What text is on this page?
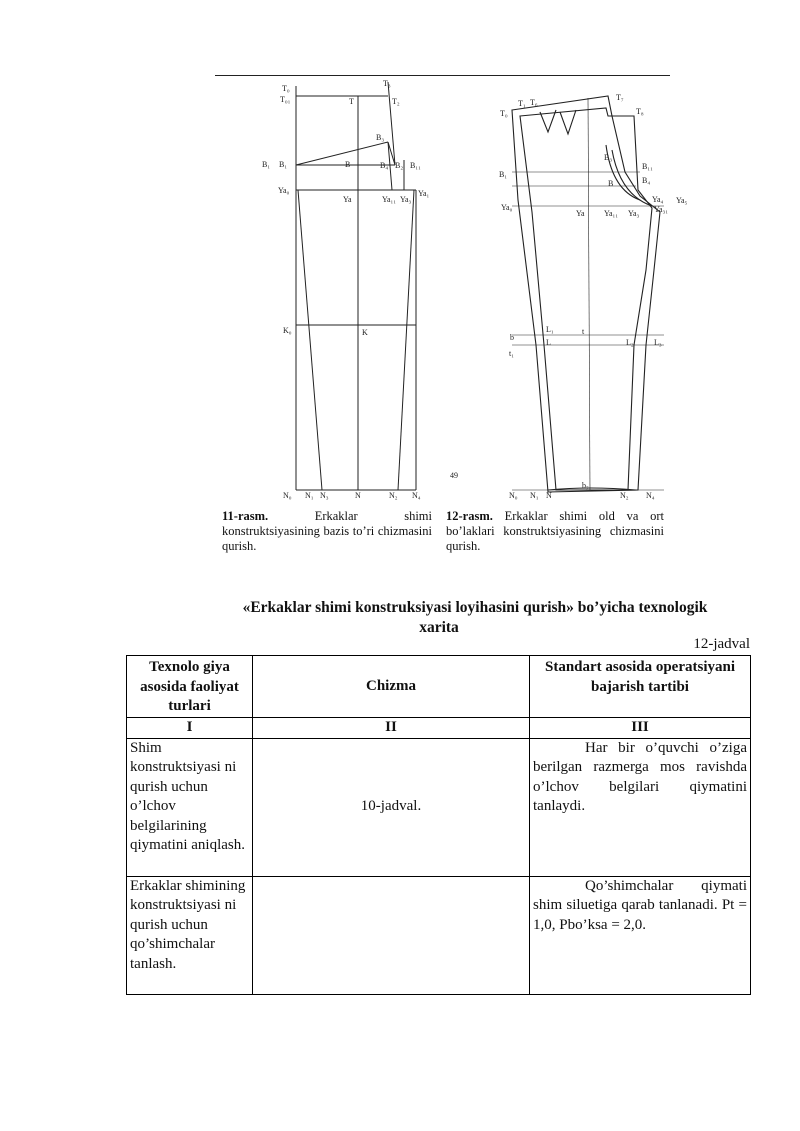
T₀
T₀₁	T	T₂
T₃
B₃
B₁ B₁	B	B₄ B₂ B₁₁
Ya₀	Ya₁
Ya	Ya₁₁ Ya₃
K₀	K
N₀ N₁ N₃	N	N₂ N₄
T₀
T₁ T₆
T₇
T₈
B₃
B₁₁
B₁
B	B₄
Ya₀
Ya Ya₁₁ Ya₃
Ya₄
Ya₃₁
Ya₅
b
t₁
L₁	t
L	L₂	L₃
49
b₇
N₀ N₁ N	N₂ N₄
11-rasm.	Erkaklar shimi konstruktsiyasining bazis to’ri chizmasini qurish.
12-rasm. Erkaklar shimi old va ort bo’laklari konstruktsiyasining chizmasini qurish.
«Erkaklar shimi konstruksiyasi loyihasini qurish» bo’yicha texnologik
xarita
12-jadval
Texnolo giya asosida faoliyat turlari	Chizma	Standart asosida operatsiyani bajarish tartibi
I	II	III
Shim konstruktsiyasi ni qurish uchun o’lchov belgilarining qiymatini aniqlash.	10-jadval.	Har bir o’quvchi o’ziga berilgan razmerga mos ravishda o’lchov belgilari qiymatini tanlaydi.
Erkaklar shimining konstruktsiyasi ni qurish uchun qo’shimchalar tanlash.		Qo’shimchalar qiymati shim siluetiga qarab tanlanadi. Pt = 1,0, Pbo’ksa = 2,0.
